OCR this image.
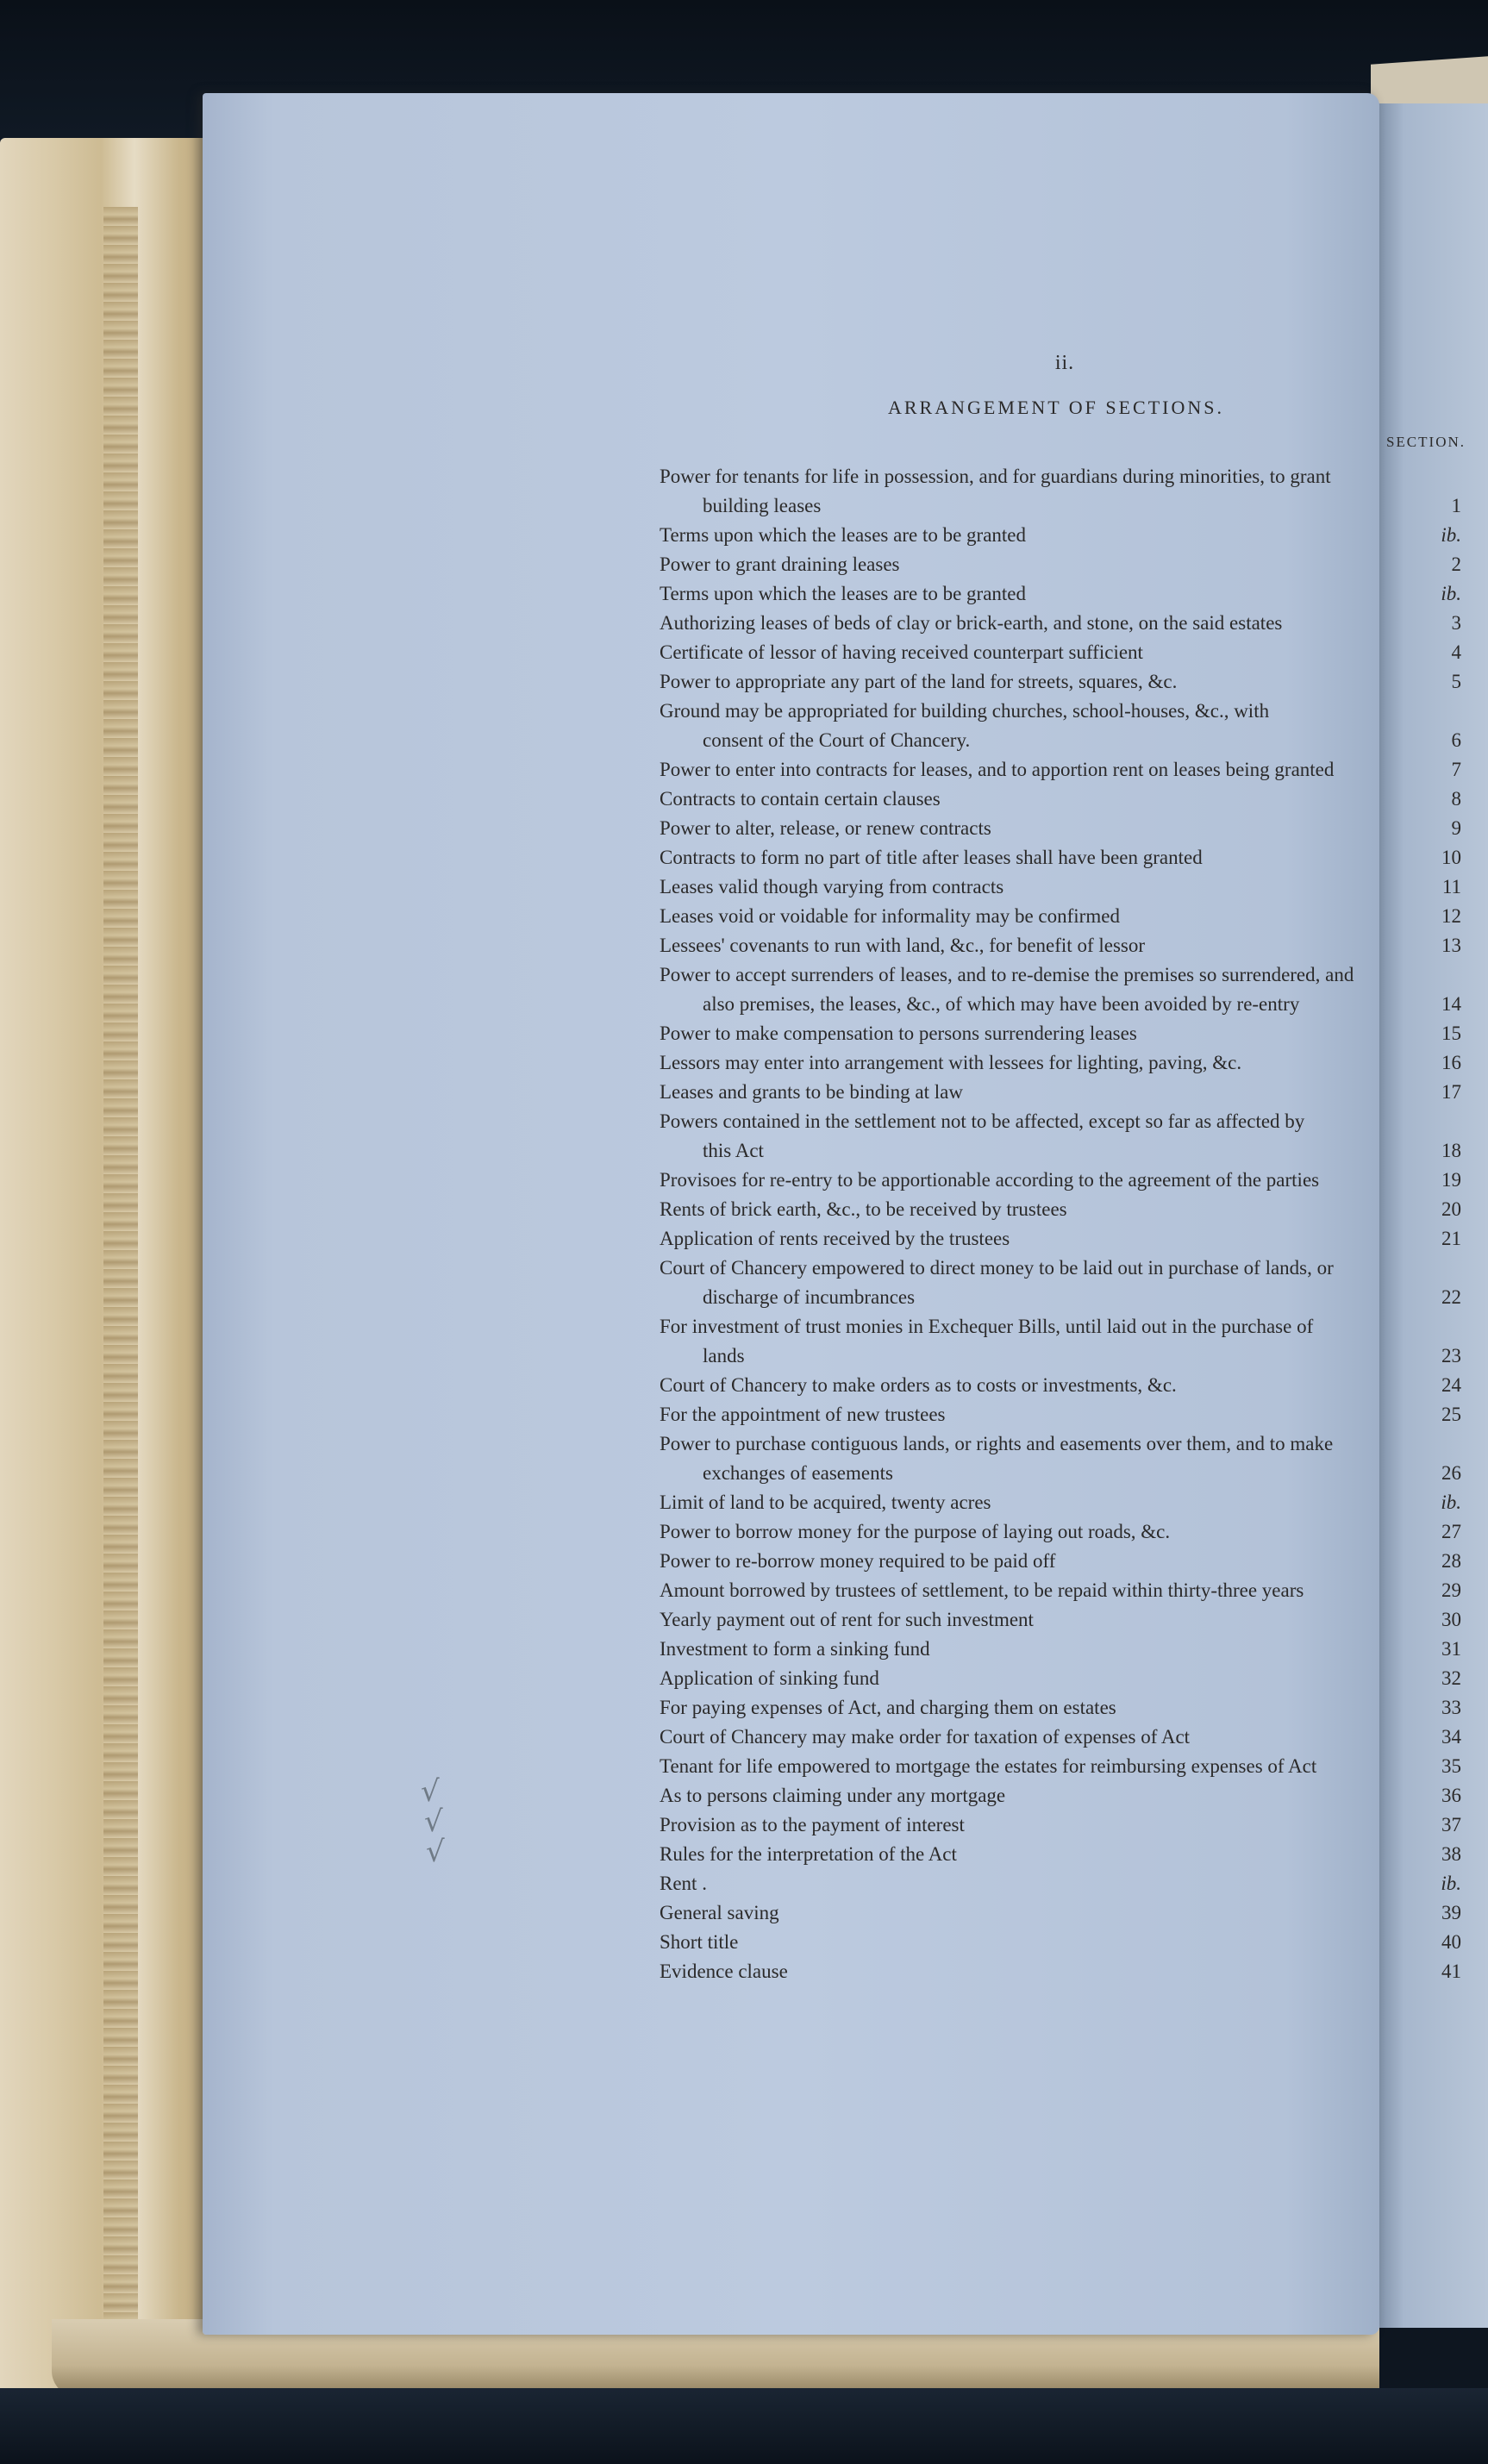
ii.
ARRANGEMENT OF SECTIONS.
SECTION.
Power for tenants for life in possession, and for guardians during minorities, to grant
building leases	1
Terms upon which the leases are to be granted	ib.
Power to grant draining leases	2
Terms upon which the leases are to be granted	ib.
Authorizing leases of beds of clay or brick-earth, and stone, on the said estates	3
Certificate of lessor of having received counterpart sufficient	4
Power to appropriate any part of the land for streets, squares, &c.	5
Ground may be appropriated for building churches, school-houses, &c., with
consent of the Court of Chancery.	6
Power to enter into contracts for leases, and to apportion rent on leases being granted	7
Contracts to contain certain clauses	8
Power to alter, release, or renew contracts	9
Contracts to form no part of title after leases shall have been granted	10
Leases valid though varying from contracts	11
Leases void or voidable for informality may be confirmed	12
Lessees' covenants to run with land, &c., for benefit of lessor	13
Power to accept surrenders of leases, and to re-demise the premises so surrendered, and
also premises, the leases, &c., of which may have been avoided by re-entry	14
Power to make compensation to persons surrendering leases	15
Lessors may enter into arrangement with lessees for lighting, paving, &c.	16
Leases and grants to be binding at law	17
Powers contained in the settlement not to be affected, except so far as affected by
this Act	18
Provisoes for re-entry to be apportionable according to the agreement of the parties	19
Rents of brick earth, &c., to be received by trustees	20
Application of rents received by the trustees	21
Court of Chancery empowered to direct money to be laid out in purchase of lands, or
discharge of incumbrances	22
For investment of trust monies in Exchequer Bills, until laid out in the purchase of
lands	23
Court of Chancery to make orders as to costs or investments, &c.	24
For the appointment of new trustees	25
Power to purchase contiguous lands, or rights and easements over them, and to make
exchanges of easements	26
Limit of land to be acquired, twenty acres	ib.
Power to borrow money for the purpose of laying out roads, &c.	27
Power to re-borrow money required to be paid off	28
Amount borrowed by trustees of settlement, to be repaid within thirty-three years	29
Yearly payment out of rent for such investment	30
Investment to form a sinking fund	31
Application of sinking fund	32
For paying expenses of Act, and charging them on estates	33
Court of Chancery may make order for taxation of expenses of Act	34
Tenant for life empowered to mortgage the estates for reimbursing expenses of Act	35
As to persons claiming under any mortgage	36
Provision as to the payment of interest	37
Rules for the interpretation of the Act	38
Rent .	ib.
General saving	39
Short title	40
Evidence clause	41
√
√
√
